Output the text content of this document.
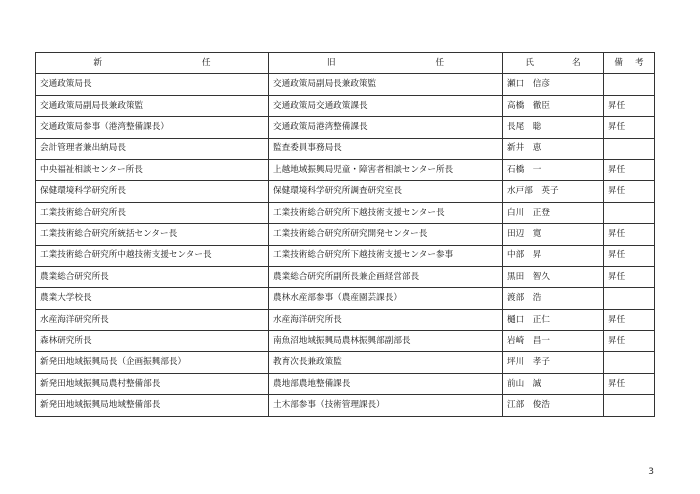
新 任	旧 任	氏 名	備 考

交通政策局長	交通政策局副局長兼政策監	瀬口　信彦	
交通政策局副局長兼政策監	交通政策局交通政策課長	高橋　徹臣	昇任
交通政策局参事（港湾整備課長）	交通政策局港湾整備課長	長尾　聡	昇任
会計管理者兼出納局長	監査委員事務局長	新井　恵	
中央福祉相談センター所長	上越地域振興局児童・障害者相談センター所長	石橋　一	昇任
保健環境科学研究所長	保健環境科学研究所調査研究室長	水戸部　英子	昇任
工業技術総合研究所長	工業技術総合研究所下越技術支援センター長	白川　正登	
工業技術総合研究所統括センター長	工業技術総合研究所研究開発センター長	田辺　寛	昇任
工業技術総合研究所中越技術支援センター長	工業技術総合研究所下越技術支援センター参事	中部　昇	昇任
農業総合研究所長	農業総合研究所副所長兼企画経営部長	黒田　智久	昇任
農業大学校長	農林水産部参事（農産園芸課長）	渡部　浩	
水産海洋研究所長	水産海洋研究所長	樋口　正仁	昇任
森林研究所長	南魚沼地域振興局農林振興部副部長	岩崎　昌一	昇任
新発田地域振興局長（企画振興部長）	教育次長兼政策監	坪川　孝子	
新発田地域振興局農村整備部長	農地部農地整備課長	前山　誠	昇任
新発田地域振興局地域整備部長	土木部参事（技術管理課長）	江部　俊浩	
3
